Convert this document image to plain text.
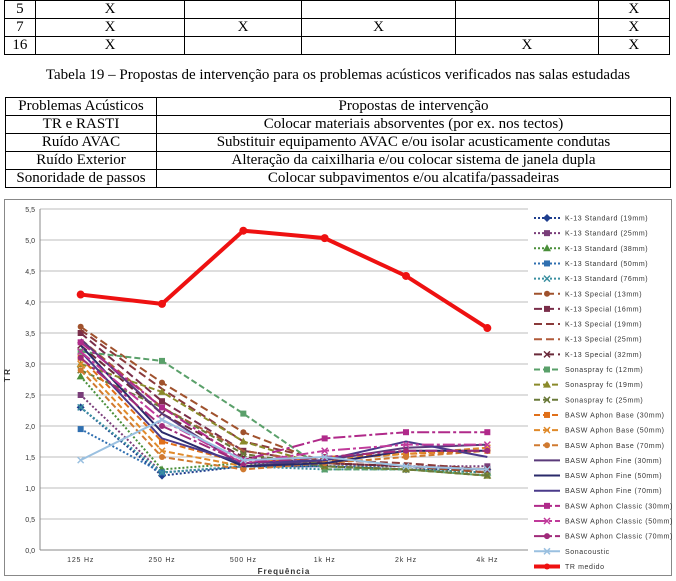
5	X				X
7	X	X	X		X
16	X			X	X
Tabela 19 – Propostas de intervenção para os problemas acústicos verificados nas salas estudadas
Problemas Acústicos	Propostas de intervenção
TR e RASTI	Colocar materiais absorventes (por ex. nos tectos)
Ruído AVAC	Substituir equipamento AVAC e/ou isolar acusticamente condutas
Ruído Exterior	Alteração da caixilharia e/ou colocar sistema de janela dupla
Sonoridade de passos	Colocar subpavimentos e/ou alcatifa/passadeiras
0,0
0,5
1,0
1,5
2,0
2,5
3,0
3,5
4,0
4,5
5,0
5,5
125 Hz	250 Hz	500 Hz	1k Hz	2k Hz	4k Hz
Frequência
T R
K-13 Standard (19mm)
K-13 Standard (25mm)
K-13 Standard (38mm)
K-13 Standard (50mm)
K-13 Standard (76mm)
K-13 Special (13mm)
K-13 Special (16mm)
K-13 Special (19mm)
K-13 Special (25mm)
K-13 Special (32mm)
Sonaspray fc (12mm)
Sonaspray fc (19mm)
Sonaspray fc (25mm)
BASW Aphon Base (30mm)
BASW Aphon Base (50mm)
BASW Aphon Base (70mm)
BASW Aphon Fine (30mm)
BASW Aphon Fine (50mm)
BASW Aphon Fine (70mm)
BASW Aphon Classic (30mm)
BASW Aphon Classic (50mm)
BASW Aphon Classic (70mm)
Sonacoustic
TR medido
